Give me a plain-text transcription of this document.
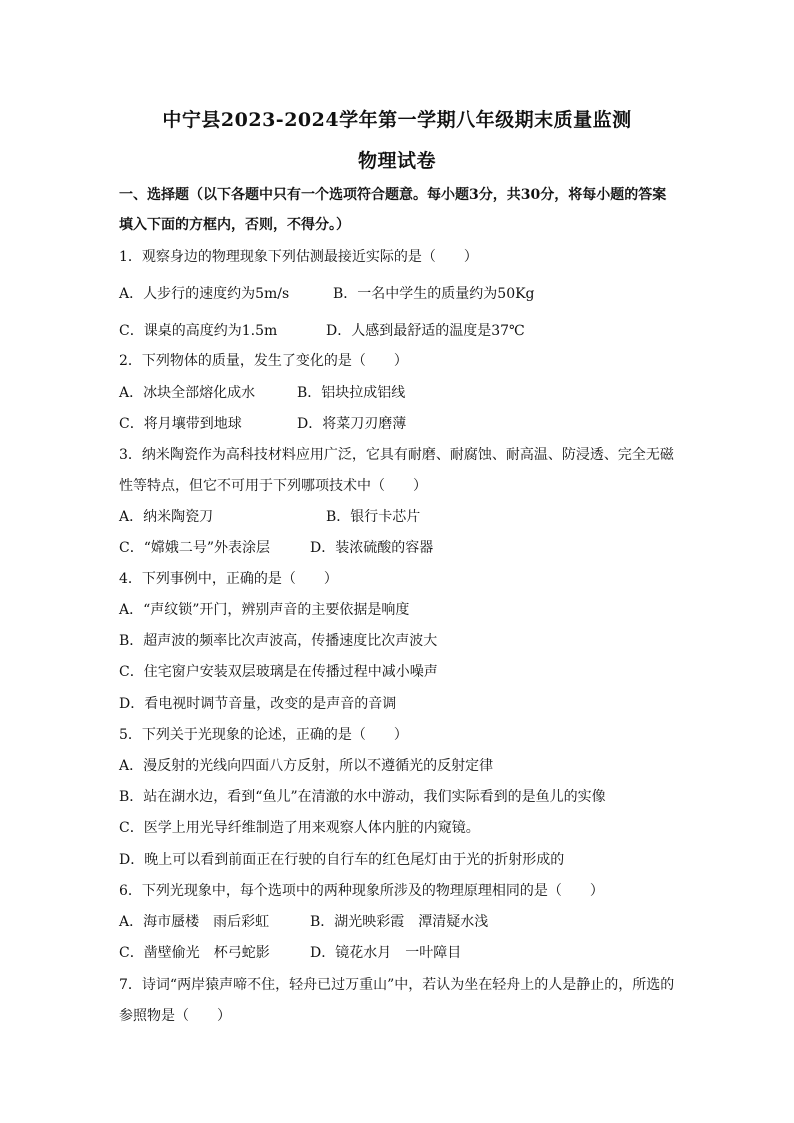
中宁县2023-2024学年第一学期八年级期末质量监测
物理试卷
一、选择题（以下各题中只有一个选项符合题意。每小题3分，共30分，将每小题的答案
填入下面的方框内，否则，不得分。）
1．观察身边的物理现象下列估测最接近实际的是（　　）
A．人步行的速度约为5m/s	B．一名中学生的质量约为50Kg
C．课桌的高度约为1.5m	D．人感到最舒适的温度是37℃
2．下列物体的质量，发生了变化的是（　　）
A．冰块全部熔化成水	B．铝块拉成铝线
C．将月壤带到地球	D．将菜刀刃磨薄
3．纳米陶瓷作为高科技材料应用广泛，它具有耐磨、耐腐蚀、耐高温、防浸透、完全无磁
性等特点，但它不可用于下列哪项技术中（　　）
A．纳米陶瓷刀	B．银行卡芯片
C．“嫦娥二号”外表涂层	D．装浓硫酸的容器
4．下列事例中，正确的是（　　）
A．“声纹锁”开门，辨别声音的主要依据是响度
B．超声波的频率比次声波高，传播速度比次声波大
C．住宅窗户安装双层玻璃是在传播过程中减小噪声
D．看电视时调节音量，改变的是声音的音调
5．下列关于光现象的论述，正确的是（　　）
A．漫反射的光线向四面八方反射，所以不遵循光的反射定律
B．站在湖水边，看到“鱼儿”在清澈的水中游动，我们实际看到的是鱼儿的实像
C．医学上用光导纤维制造了用来观察人体内脏的内窥镜。
D．晚上可以看到前面正在行驶的自行车的红色尾灯由于光的折射形成的
6．下列光现象中，每个选项中的两种现象所涉及的物理原理相同的是（　　）
A．海市蜃楼　雨后彩虹	B．湖光映彩霞　潭清疑水浅
C．凿壁偷光　杯弓蛇影	D．镜花水月　一叶障目
7．诗词“两岸猿声啼不住，轻舟已过万重山”中，若认为坐在轻舟上的人是静止的，所选的
参照物是（　　）
